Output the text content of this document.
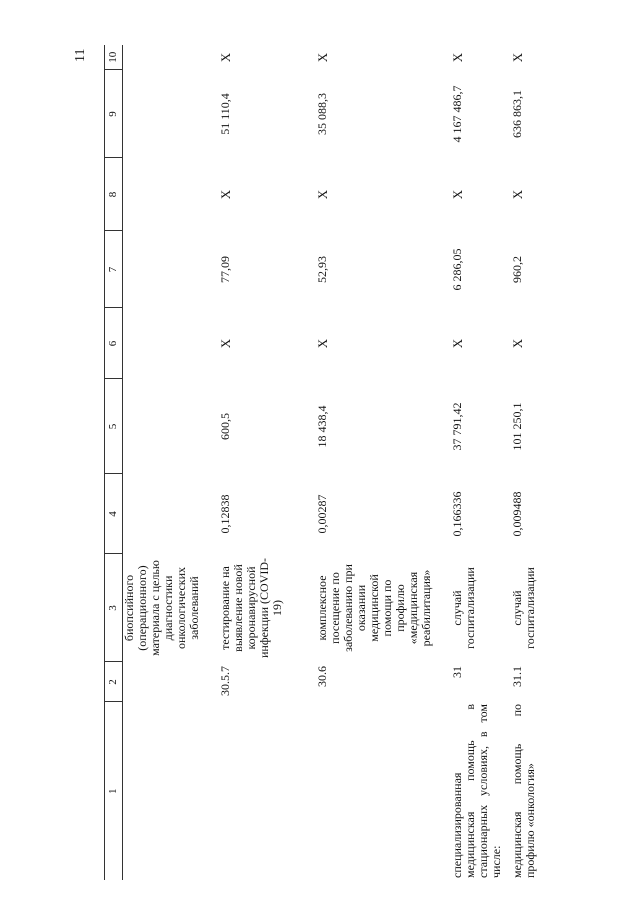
11
1	2	3	4	5	6	7	8	9	10
		биопсийного (операционного) материала с целью диагностики онкологических заболеваний							
	30.5.7	тестирование на выявление новой коронавирусной инфекции (COVID-19)	0,12838	600,5	X	77,09	X	51 110,4	X
	30.6	комплексное посещение по заболеванию при оказании медицинской помощи по профилю «медицинская реабилитация»	0,00287	18 438,4	X	52,93	X	35 088,3	X
специализированная медицинская помощь в стационарных условиях, в том числе:	31	случай госпитализации	0,166336	37 791,42	X	6 286,05	X	4 167 486,7	X
медицинская помощь по профилю «онкология»	31.1	случай госпитализации	0,009488	101 250,1	X	960,2	X	636 863,1	X
